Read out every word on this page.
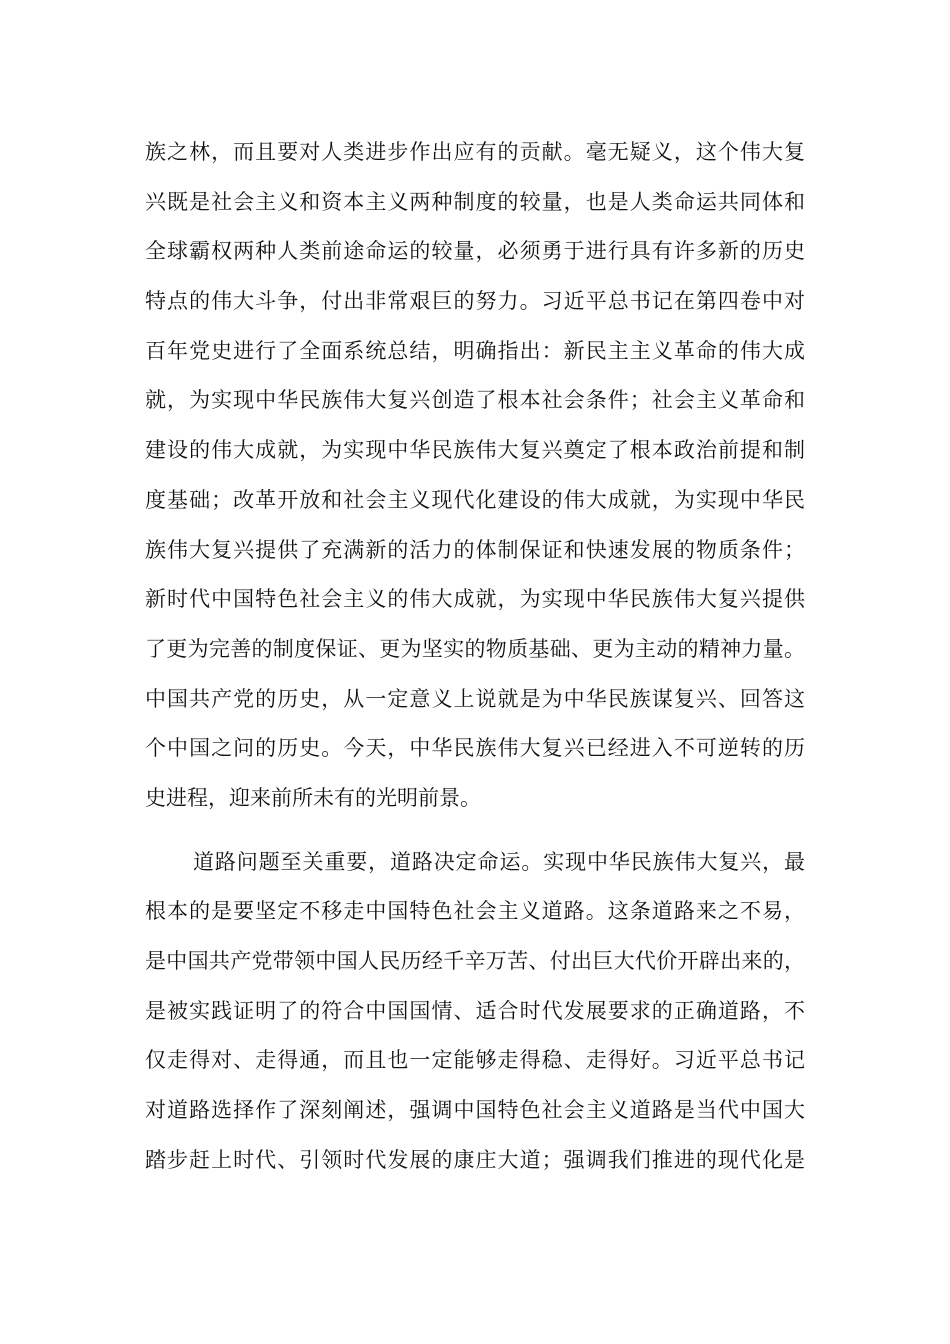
族之林，而且要对人类进步作出应有的贡献。毫无疑义，这个伟大复
兴既是社会主义和资本主义两种制度的较量，也是人类命运共同体和
全球霸权两种人类前途命运的较量，必须勇于进行具有许多新的历史
特点的伟大斗争，付出非常艰巨的努力。习近平总书记在第四卷中对
百年党史进行了全面系统总结，明确指出：新民主主义革命的伟大成
就，为实现中华民族伟大复兴创造了根本社会条件；社会主义革命和
建设的伟大成就，为实现中华民族伟大复兴奠定了根本政治前提和制
度基础；改革开放和社会主义现代化建设的伟大成就，为实现中华民
族伟大复兴提供了充满新的活力的体制保证和快速发展的物质条件；
新时代中国特色社会主义的伟大成就，为实现中华民族伟大复兴提供
了更为完善的制度保证、更为坚实的物质基础、更为主动的精神力量。
中国共产党的历史，从一定意义上说就是为中华民族谋复兴、回答这
个中国之问的历史。今天，中华民族伟大复兴已经进入不可逆转的历
史进程，迎来前所未有的光明前景。
道路问题至关重要，道路决定命运。实现中华民族伟大复兴，最
根本的是要坚定不移走中国特色社会主义道路。这条道路来之不易，
是中国共产党带领中国人民历经千辛万苦、付出巨大代价开辟出来的，
是被实践证明了的符合中国国情、适合时代发展要求的正确道路，不
仅走得对、走得通，而且也一定能够走得稳、走得好。习近平总书记
对道路选择作了深刻阐述，强调中国特色社会主义道路是当代中国大
踏步赶上时代、引领时代发展的康庄大道；强调我们推进的现代化是
